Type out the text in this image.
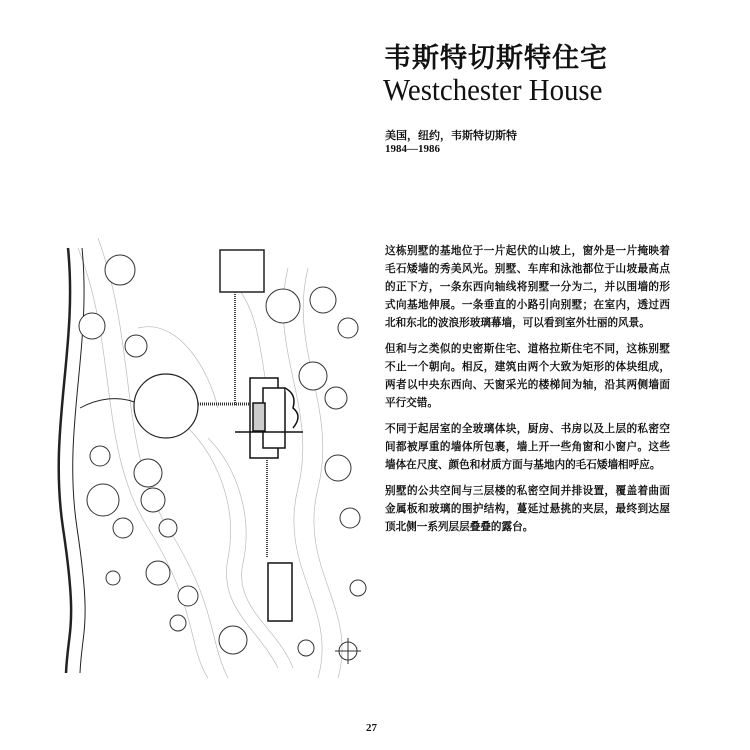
韦斯特切斯特住宅
Westchester House
美国，纽约，韦斯特切斯特
1984—1986

这栋别墅的基地位于一片起伏的山坡上，窗外是一片掩映着毛石矮墙的秀美风光。别墅、车库和泳池都位于山坡最高点的正下方，一条东西向轴线将别墅一分为二，并以围墙的形式向基地伸展。一条垂直的小路引向别墅；在室内，透过西北和东北的波浪形玻璃幕墙，可以看到室外壮丽的风景。

但和与之类似的史密斯住宅、道格拉斯住宅不同，这栋别墅不止一个朝向。相反，建筑由两个大致为矩形的体块组成，两者以中央东西向、天窗采光的楼梯间为轴，沿其两侧墙面平行交错。

不同于起居室的全玻璃体块，厨房、书房以及上层的私密空间都被厚重的墙体所包裹，墙上开一些角窗和小窗户。这些墙体在尺度、颜色和材质方面与基地内的毛石矮墙相呼应。

别墅的公共空间与三层楼的私密空间并排设置，覆盖着曲面金属板和玻璃的围护结构，蔓延过悬挑的夹层，最终到达屋顶北侧一系列层层叠叠的露台。

27
